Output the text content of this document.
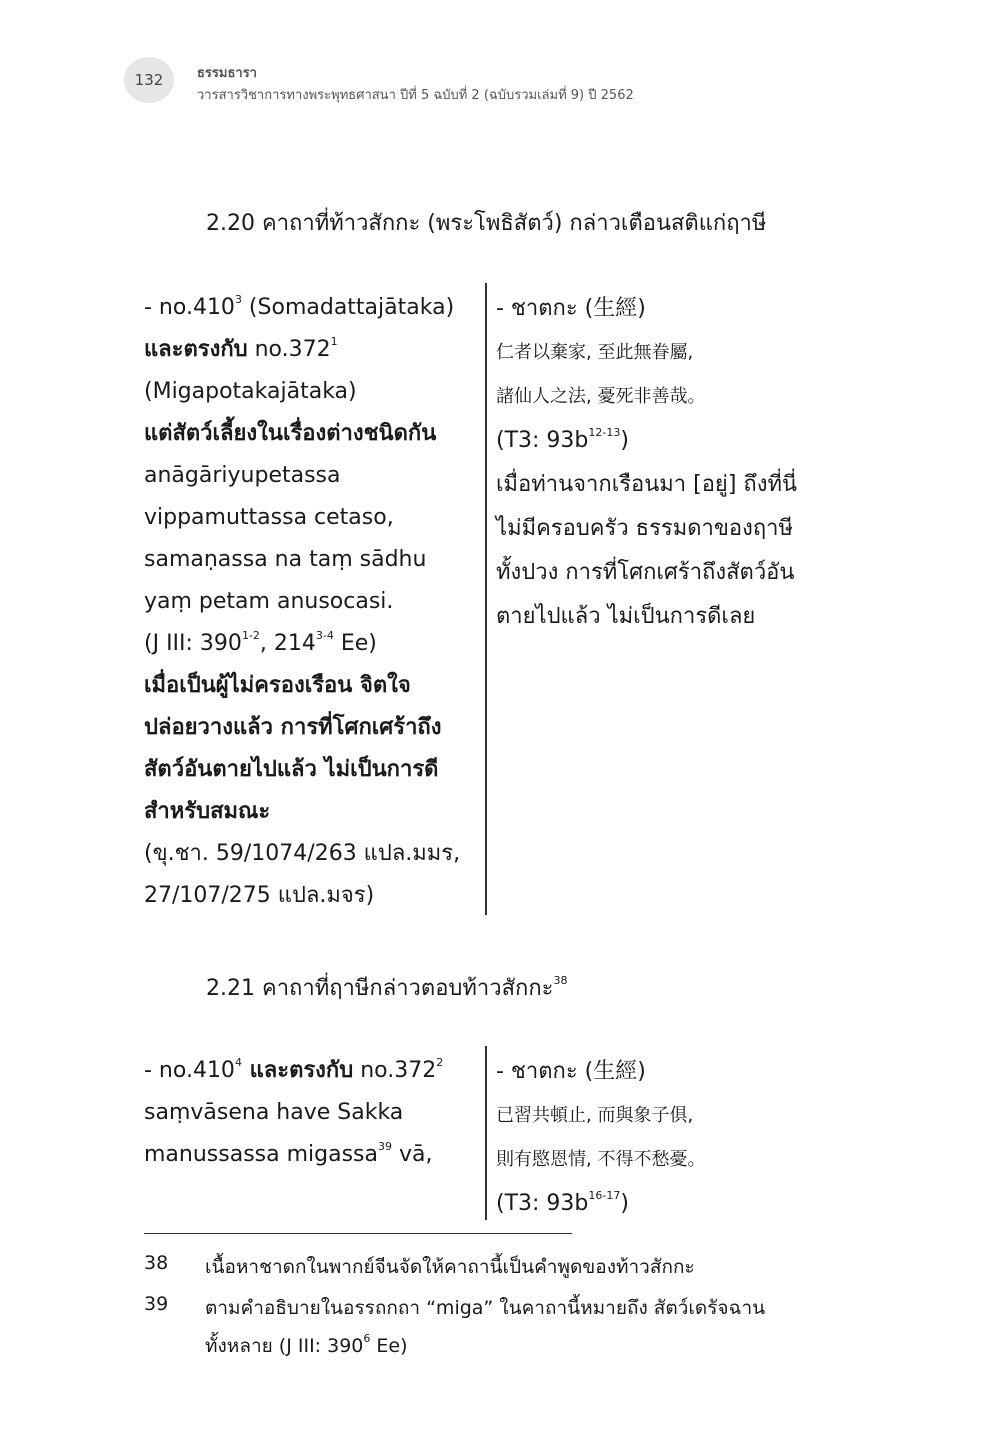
132	ธรรมธารา
วารสารวิชาการทางพระพุทธศาสนา ปีที่ 5 ฉบับที่ 2 (ฉบับรวมเล่มที่ 9) ปี 2562
2.20 คาถาที่ท้าวสักกะ (พระโพธิสัตว์) กล่าวเตือนสติแก่ฤาษี
- no.410$^3$ (Somadattajātaka)
และตรงกับ no.372$^1$
(Migapotakajātaka)
แต่สัตว์เลี้ยงในเรื่องต่างชนิดกัน
anāgāriyupetassa
vippamuttassa cetaso,
samaṇassa na taṃ sādhu
yaṃ petam anusocasi.
(J III: 390$^{1-2}$, 214$^{3-4}$ Ee)
เมื่อเป็นผู้ไม่ครองเรือน จิตใจ
ปล่อยวางแล้ว การที่โศกเศร้าถึง
สัตว์อันตายไปแล้ว ไม่เป็นการดี
สำหรับสมณะ
(ขุ.ชา. 59/1074/263 แปล.มมร,
27/107/275 แปล.มจร)
- ชาตกะ (生經)
仁者以棄家, 至此無眷屬,
諸仙人之法, 憂死非善哉。
(T3: $93b^{12-13}$)
เมื่อท่านจากเรือนมา [อยู่] ถึงที่นี่
ไม่มีครอบครัว ธรรมดาของฤาษี
ทั้งปวง การที่โศกเศร้าถึงสัตว์อัน
ตายไปแล้ว ไม่เป็นการดีเลย
2.21 คาถาที่ฤาษีกล่าวตอบท้าวสักกะ$^{38}$
- no.410$^4$ และตรงกับ no.372$^2$
saṃvāsena have Sakka
manussassa migassa$^{39}$ vā,
- ชาตกะ (生經)
已習共頓止, 而與象子俱,
則有愍恩情, 不得不愁憂。
(T3: $93b^{16-17}$)
38 เนื้อหาชาดกในพากย์จีนจัดให้คาถานี้เป็นคำพูดของท้าวสักกะ
39 ตามคำอธิบายในอรรถกถา “miga” ในคาถานี้หมายถึง สัตว์เดรัจฉาน
ทั้งหลาย (J III: $390^6$ Ee)
